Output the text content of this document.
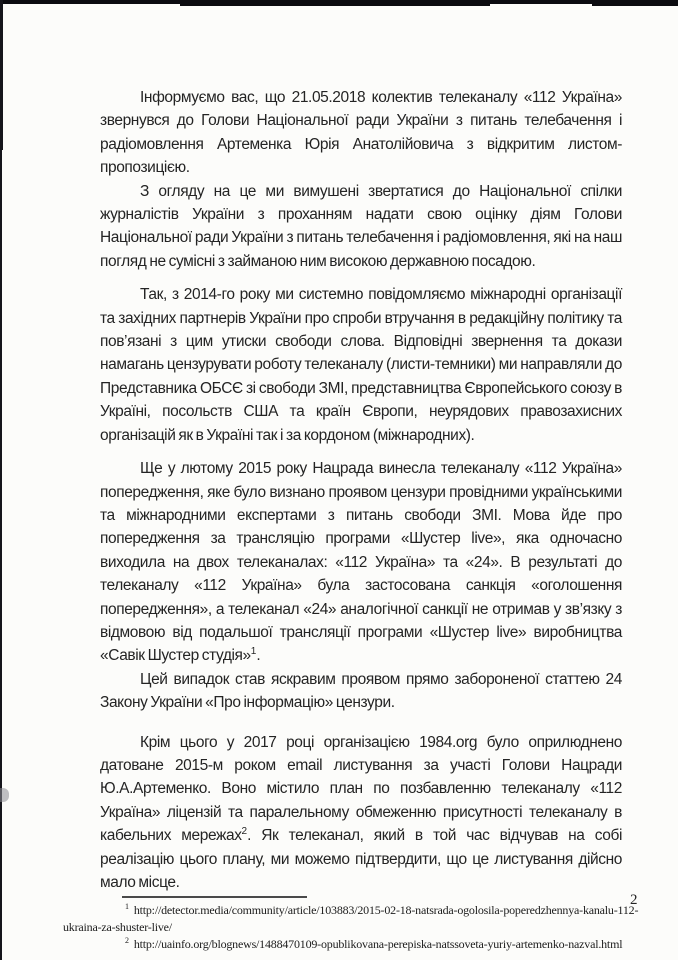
Інформуємо вас, що 21.05.2018 колектив телеканалу «112 Україна» звернувся до Голови Національної ради України з питань телебачення і радіомовлення Артеменка Юрія Анатолійовича з відкритим листом-пропозицією.

З огляду на це ми вимушені звертатися до Національної спілки журналістів України з проханням надати свою оцінку діям Голови Національної ради України з питань телебачення і радіомовлення, які на наш погляд не сумісні з займаною ним високою державною посадою.

Так, з 2014-го року ми системно повідомляємо міжнародні організації та західних партнерів України про спроби втручання в редакційну політику та пов’язані з цим утиски свободи слова. Відповідні звернення та докази намагань цензурувати роботу телеканалу (листи-темники) ми направляли до Представника ОБСЄ зі свободи ЗМІ, представництва Європейського союзу в Україні, посольств США та країн Європи, неурядових правозахисних організацій як в Україні так і за кордоном (міжнародних).

Ще у лютому 2015 року Нацрада винесла телеканалу «112 Україна» попередження, яке було визнано проявом цензури провідними українськими та міжнародними експертами з питань свободи ЗМІ. Мова йде про попередження за трансляцію програми «Шустер live», яка одночасно виходила на двох телеканалах: «112 Україна» та «24». В результаті до телеканалу «112 Україна» була застосована санкція «оголошення попередження», а телеканал «24» аналогічної санкції не отримав у зв’язку з відмовою від подальшої трансляції програми «Шустер live» виробництва «Савік Шустер студія»$^1$.

Цей випадок став яскравим проявом прямо забороненої статтею 24 Закону України «Про інформацію» цензури.

Крім цього у 2017 році організацією 1984.org було оприлюднено датоване 2015-м роком email листування за участі Голови Нацради Ю.А.Артеменко. Воно містило план по позбавленню телеканалу «112 Україна» ліцензій та паралельному обмеженню присутності телеканалу в кабельних мережах$^2$. Як телеканал, який в той час відчував на собі реалізацію цього плану, ми можемо підтвердити, що це листування дійсно мало місце.

$^1$ http://detector.media/community/article/103883/2015-02-18-natsrada-ogolosila-poperedzhennya-kanalu-112-ukraina-za-shuster-live/

$^2$ http://uainfo.org/blognews/1488470109-opublikovana-perepiska-natssoveta-yuriy-artemenko-nazval.html

2
